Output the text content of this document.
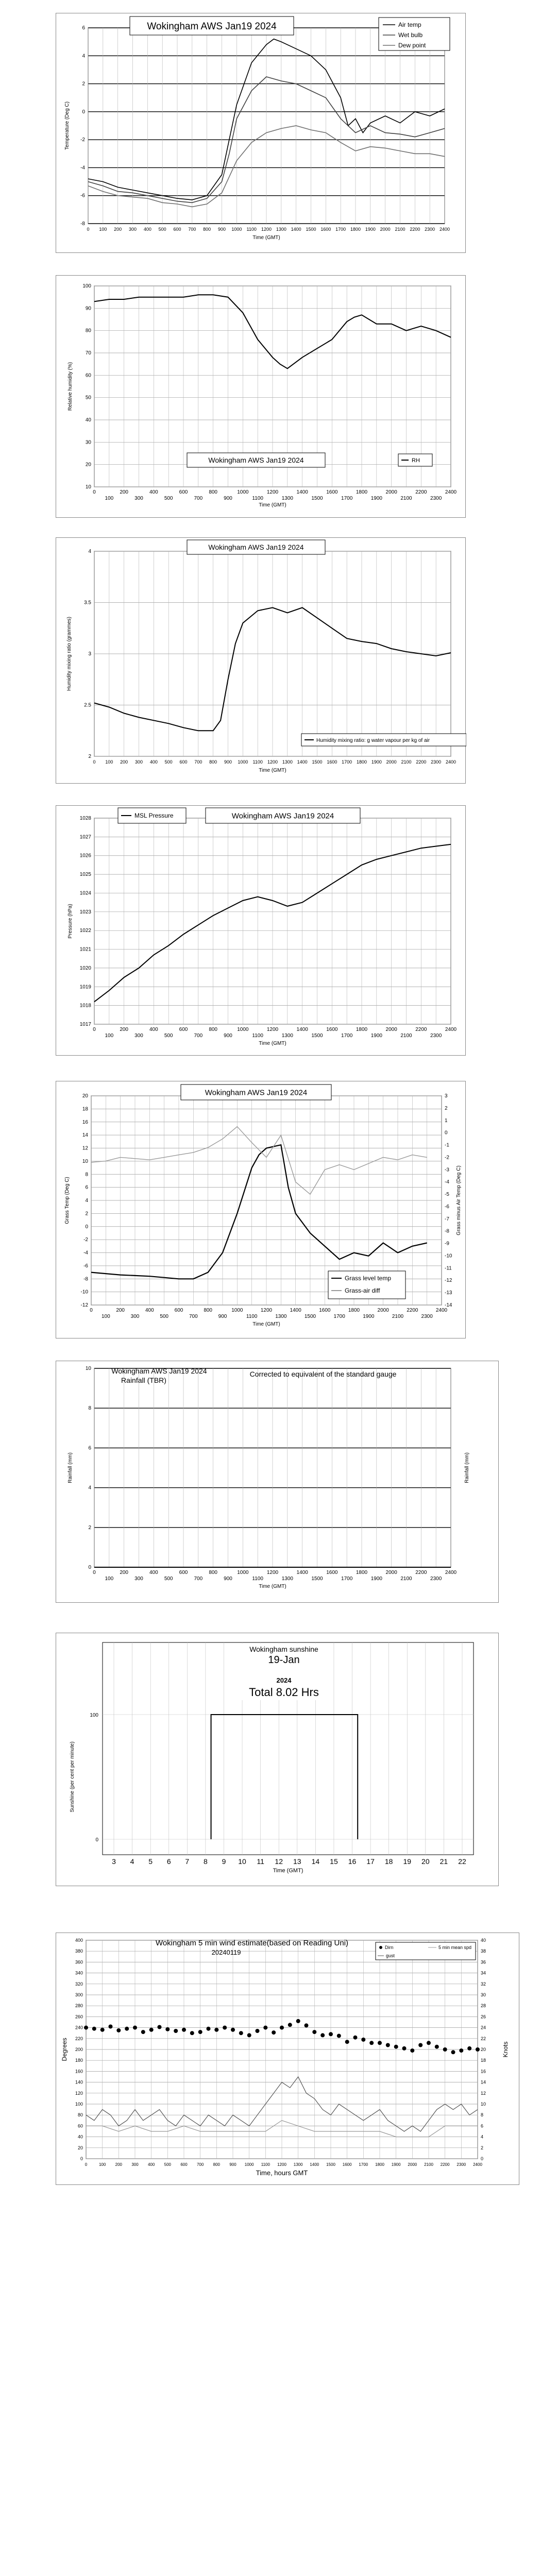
-8
-6
-4
-2
0
2
4
6
0 100 200 300 400 500 600 700 800 900 1000 1100 1200 1300 1400 1500 1600 1700 1800 1900 2000 2100 2200 2300 2400
Time (GMT)
Temperature (Deg C)
Wokingham AWS Jan19 2024	Air temp
Wet bulb
Dew point
10
20
30
40
50
60
70
80
90
100
0	200	400	600	800	1000	1200	1400	1600	1800	2000	2200	2400
100	300	500	700	900	1100	1300	1500	1700	1900	2100	2300
Time (GMT)
Relative humidity (%)
Wokingham AWS Jan19 2024	RH
2
2.5
3
3.5
4
0 100 200 300 400 500 600 700 800 900 1000 1100 1200 1300 1400 1500 1600 1700 1800 1900 2000 2100 2200 2300 2400
Time (GMT)
Humidity mixing ratio (grammes)
Wokingham AWS Jan19 2024
Humidity mixing ratio: g water vapour per kg of air
1017
1018
1019
1020
1021
1022
1023
1024
1025
1026
1027
1028
0	200	400	600	800	1000	1200	1400	1600	1800	2000	2200	2400
100	300	500	700	900	1100	1300	1500	1700	1900	2100	2300
Time (GMT)
Pressure (hPa)
MSL Pressure	Wokingham AWS Jan19 2024
-12
-10
-8
-6
-4
-2
0
2
4
6
8
10
12
14
16
18
20
-14
-13
-12
-11
-10
-9
-8
-7
-6
-5
-4
-3
-2
-1
0
1
2
3
0	200	400	600	800	1000	1200	1400	1600	1800	2000	2200	2400
100	300	500	700	900	1100	1300	1500	1700	1900	2100	2300
Time (GMT)
Grass Temp (Deg C)	Grass minus Air Temp (Deg C)
Wokingham AWS Jan19 2024
Grass level temp
Grass-air diff
0
2
4
6
8
10
0	200	400	600	800	1000	1200	1400	1600	1800	2000	2200	2400
100	300	500	700	900	1100	1300	1500	1700	1900	2100	2300
Time (GMT)
Rainfall (mm)	Rainfall (mm)
Wokingham AWS Jan19 2024
Rainfall (TBR)
Corrected to equivalent of the standard gauge
3 4 5 6 7 8 9 10 11 12 13 14 15 16 17 18 19 20 21 22
0
100
Time (GMT)
Sunshine (per cent per minute)
Wokingham sunshine
19-Jan
2024
Total 8.02 Hrs
0
20
40
60
80
100
120
140
160
180
200
220
240
260
280
300
320
340
360
380
400
0
2
4
6
8
10
12
14
16
18
20
22
24
26
28
30
32
34
36
38
40
0	100 200 300 400 500 600 700 800 900 1000 1100 1200 1300 1400 1500 1600 1700 1800 1900 2000 2100 2200 2300 2400
Time, hours GMT
Degrees	Knots
Wokingham 5 min wind estimate(based on Reading Uni)
20240119
Dirn
gust
5 min mean spd
